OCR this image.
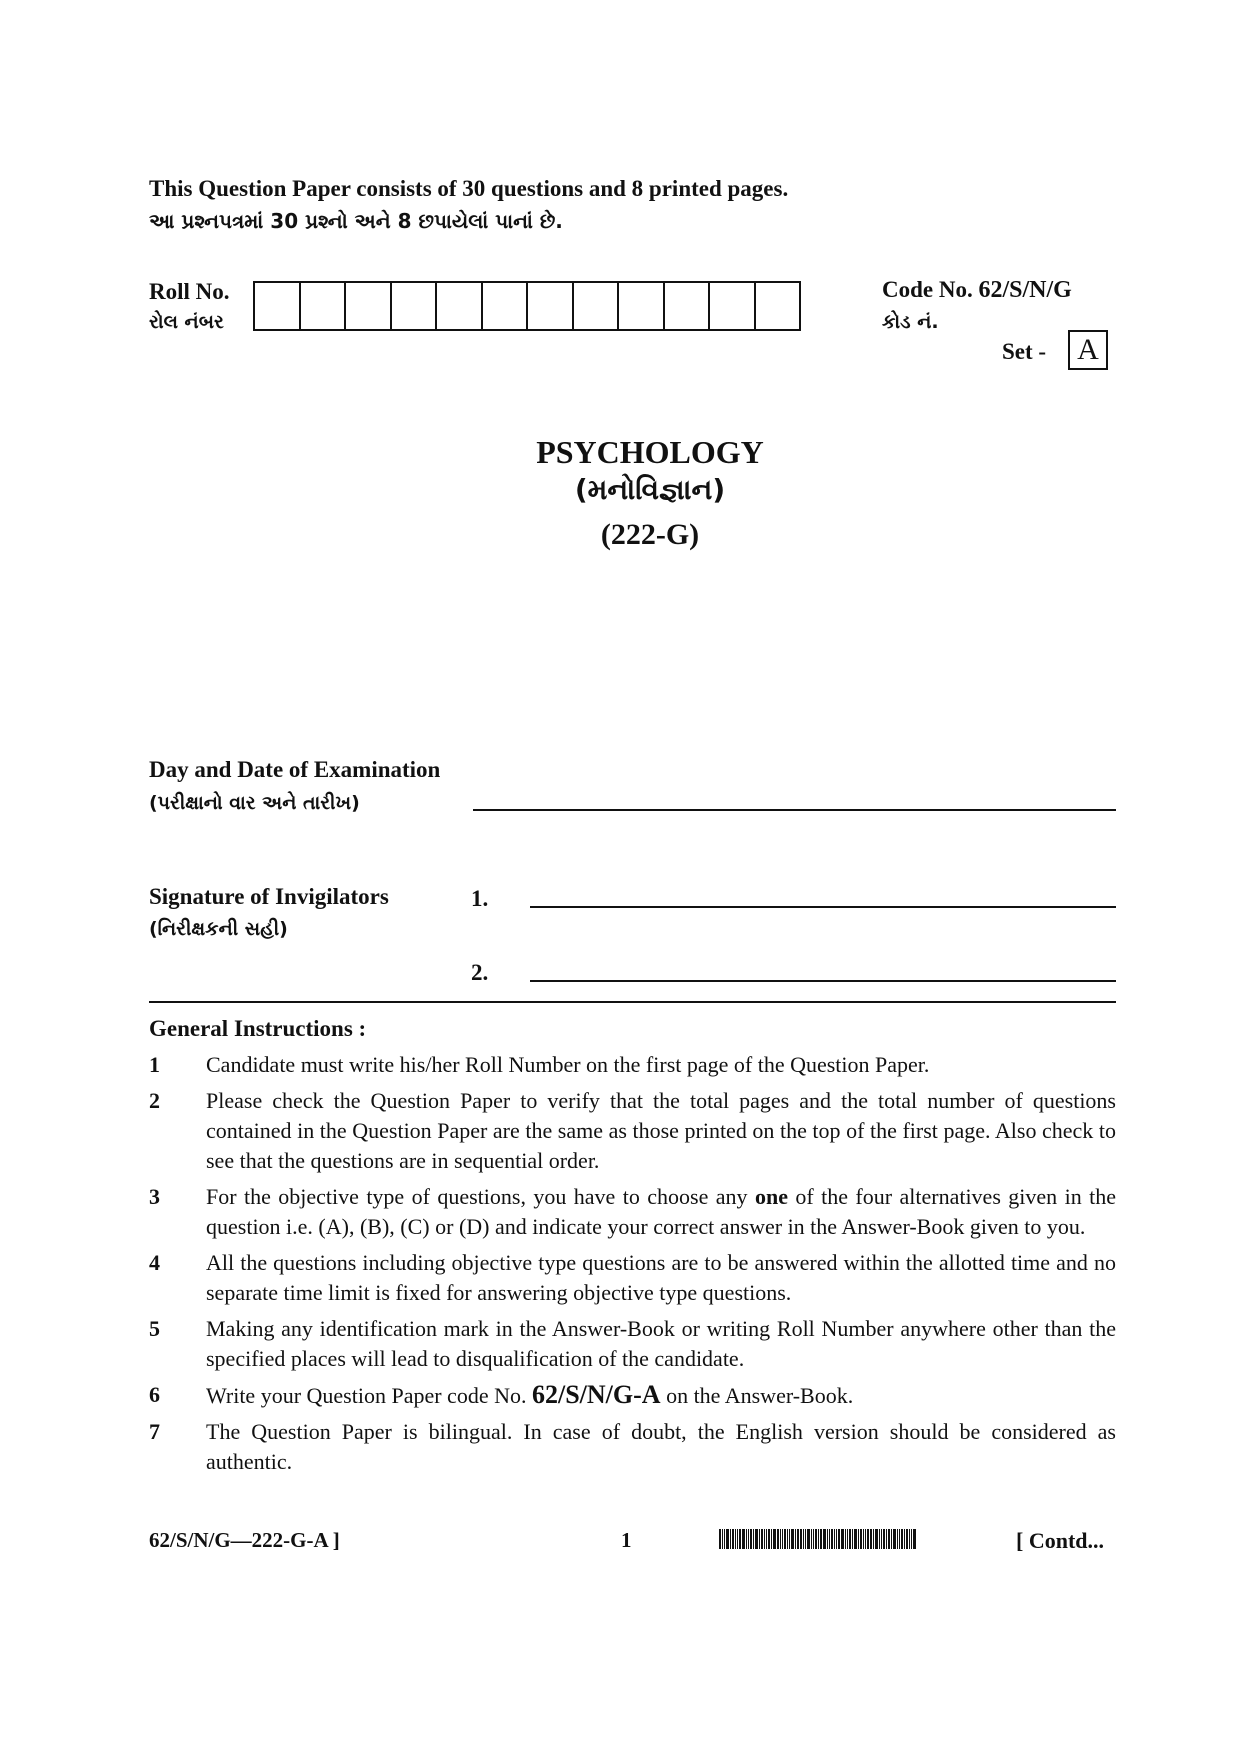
This Question Paper consists of 30 questions and 8 printed pages.
આ પ્રશ્નપત્રમાં 30 પ્રશ્નો અને 8 છપાયેલાં પાનાં છે.
Roll No.
રોલ નંબર
Code No. 62/S/N/G
કોડ નં.
Set -	A
PSYCHOLOGY
(મનોવિજ્ઞાન)
(222-G)
Day and Date of Examination
(પરીક્ષાનો વાર અને તારીખ)
Signature of Invigilators
(નિરીક્ષકની સહી)
1.
2.
General Instructions :
1	Candidate must write his/her Roll Number on the first page of the Question Paper.
2	Please check the Question Paper to verify that the total pages and the total number of questions contained in the Question Paper are the same as those printed on the top of the first page. Also check to see that the questions are in sequential order.
3	For the objective type of questions, you have to choose any one of the four alternatives given in the question i.e. (A), (B), (C) or (D) and indicate your correct answer in the Answer-Book given to you.
4	All the questions including objective type questions are to be answered within the allotted time and no separate time limit is fixed for answering objective type questions.
5	Making any identification mark in the Answer-Book or writing Roll Number anywhere other than the specified places will lead to disqualification of the candidate.
6	Write your Question Paper code No. 62/S/N/G-A on the Answer-Book.
7	The Question Paper is bilingual. In case of doubt, the English version should be considered as authentic.
62/S/N/G—222-G-A ]	1	[ Contd...
